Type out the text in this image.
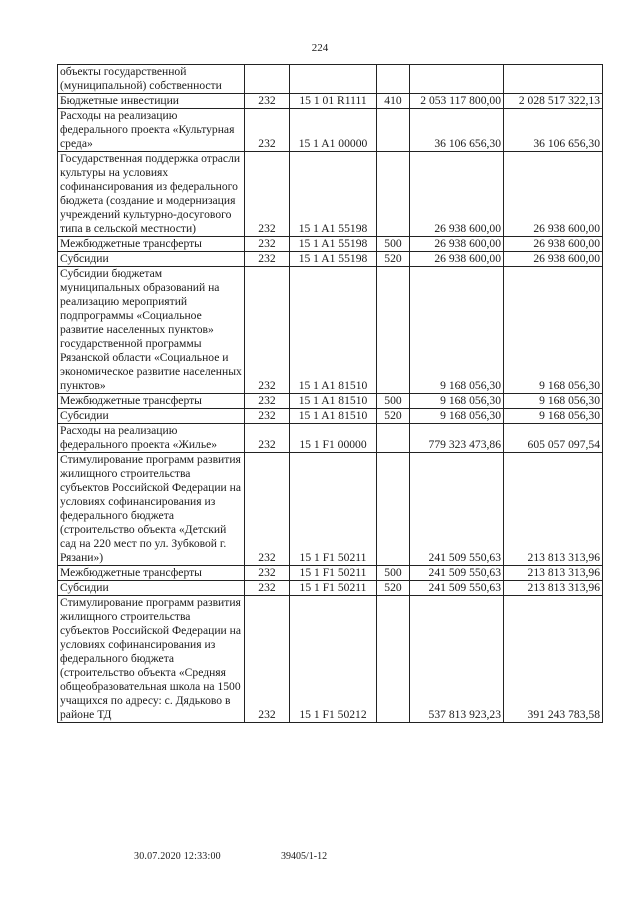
224
объекты государственной (муниципальной) собственности					
Бюджетные инвестиции	232	15 1 01 R1111	410	2 053 117 800,00	2 028 517 322,13
Расходы на реализацию федерального проекта «Культурная среда»	232	15 1 A1 00000		36 106 656,30	36 106 656,30
Государственная поддержка отрасли культуры на условиях софинансирования из федерального бюджета (создание и модернизация учреждений культурно-досугового типа в сельской местности)	232	15 1 A1 55198		26 938 600,00	26 938 600,00
Межбюджетные трансферты	232	15 1 A1 55198	500	26 938 600,00	26 938 600,00
Субсидии	232	15 1 A1 55198	520	26 938 600,00	26 938 600,00
Субсидии бюджетам муниципальных образований на реализацию мероприятий подпрограммы «Социальное развитие населенных пунктов» государственной программы Рязанской области «Социальное и экономическое развитие населенных пунктов»	232	15 1 A1 81510		9 168 056,30	9 168 056,30
Межбюджетные трансферты	232	15 1 A1 81510	500	9 168 056,30	9 168 056,30
Субсидии	232	15 1 A1 81510	520	9 168 056,30	9 168 056,30
Расходы на реализацию федерального проекта «Жилье»	232	15 1 F1 00000		779 323 473,86	605 057 097,54
Стимулирование программ развития жилищного строительства субъектов Российской Федерации на условиях софинансирования из федерального бюджета (строительство объекта «Детский сад на 220 мест по ул. Зубковой г. Рязани»)	232	15 1 F1 50211		241 509 550,63	213 813 313,96
Межбюджетные трансферты	232	15 1 F1 50211	500	241 509 550,63	213 813 313,96
Субсидии	232	15 1 F1 50211	520	241 509 550,63	213 813 313,96
Стимулирование программ развития жилищного строительства субъектов Российской Федерации на условиях софинансирования из федерального бюджета (строительство объекта «Средняя общеобразовательная школа на 1500 учащихся по адресу: с. Дядьково в районе ТД	232	15 1 F1 50212		537 813 923,23	391 243 783,58
30.07.2020 12:33:00	39405/1-12
